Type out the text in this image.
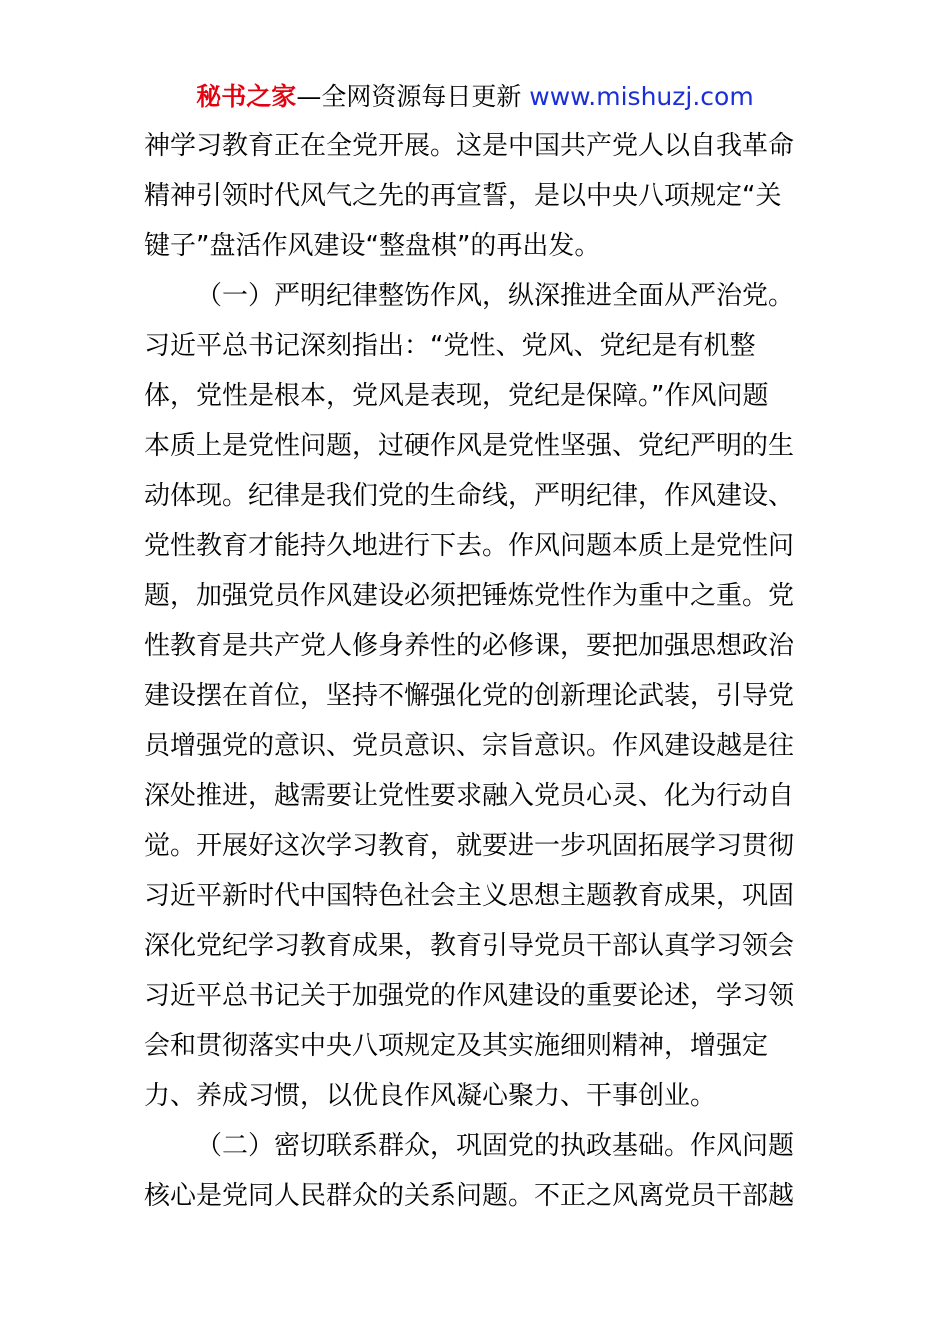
秘书之家—全网资源每日更新 www.mishuzj.com
神学习教育正在全党开展。这是中国共产党人以自我革命
精神引领时代风气之先的再宣誓，是以中央八项规定“关
键子”盘活作风建设“整盘棋”的再出发。
（一）严明纪律整饬作风，纵深推进全面从严治党。
习近平总书记深刻指出：“党性、党风、党纪是有机整
体，党性是根本，党风是表现，党纪是保障。”作风问题
本质上是党性问题，过硬作风是党性坚强、党纪严明的生
动体现。纪律是我们党的生命线，严明纪律，作风建设、
党性教育才能持久地进行下去。作风问题本质上是党性问
题，加强党员作风建设必须把锤炼党性作为重中之重。党
性教育是共产党人修身养性的必修课，要把加强思想政治
建设摆在首位，坚持不懈强化党的创新理论武装，引导党
员增强党的意识、党员意识、宗旨意识。作风建设越是往
深处推进，越需要让党性要求融入党员心灵、化为行动自
觉。开展好这次学习教育，就要进一步巩固拓展学习贯彻
习近平新时代中国特色社会主义思想主题教育成果，巩固
深化党纪学习教育成果，教育引导党员干部认真学习领会
习近平总书记关于加强党的作风建设的重要论述，学习领
会和贯彻落实中央八项规定及其实施细则精神，增强定
力、养成习惯，以优良作风凝心聚力、干事创业。
（二）密切联系群众，巩固党的执政基础。作风问题
核心是党同人民群众的关系问题。不正之风离党员干部越
